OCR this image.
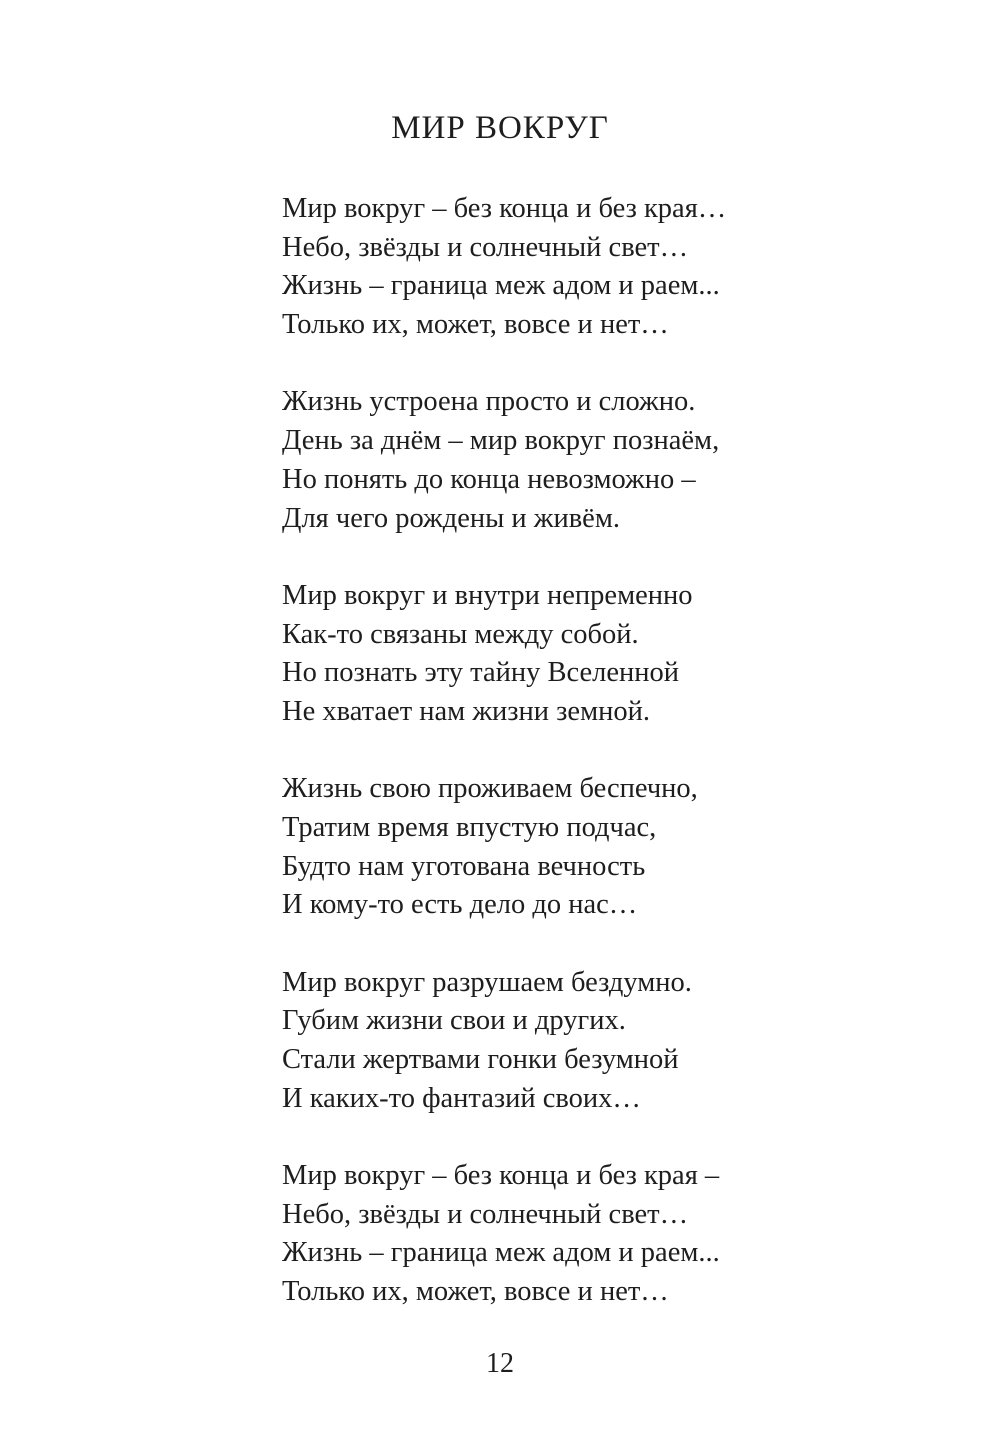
МИР ВОКРУГ
Мир вокруг – без конца и без края…
Небо, звёзды и солнечный свет…
Жизнь – граница меж адом и раем...
Только их, может, вовсе и нет…
Жизнь устроена просто и сложно.
День за днём – мир вокруг познаём,
Но понять до конца невозможно –
Для чего рождены и живём.
Мир вокруг и внутри непременно
Как-то связаны между собой.
Но познать эту тайну Вселенной
Не хватает нам жизни земной.
Жизнь свою проживаем беспечно,
Тратим время впустую подчас,
Будто нам уготована вечность
И кому-то есть дело до нас…
Мир вокруг разрушаем бездумно.
Губим жизни свои и других.
Стали жертвами гонки безумной
И каких-то фантазий своих…
Мир вокруг – без конца и без края –
Небо, звёзды и солнечный свет…
Жизнь – граница меж адом и раем...
Только их, может, вовсе и нет…
12
